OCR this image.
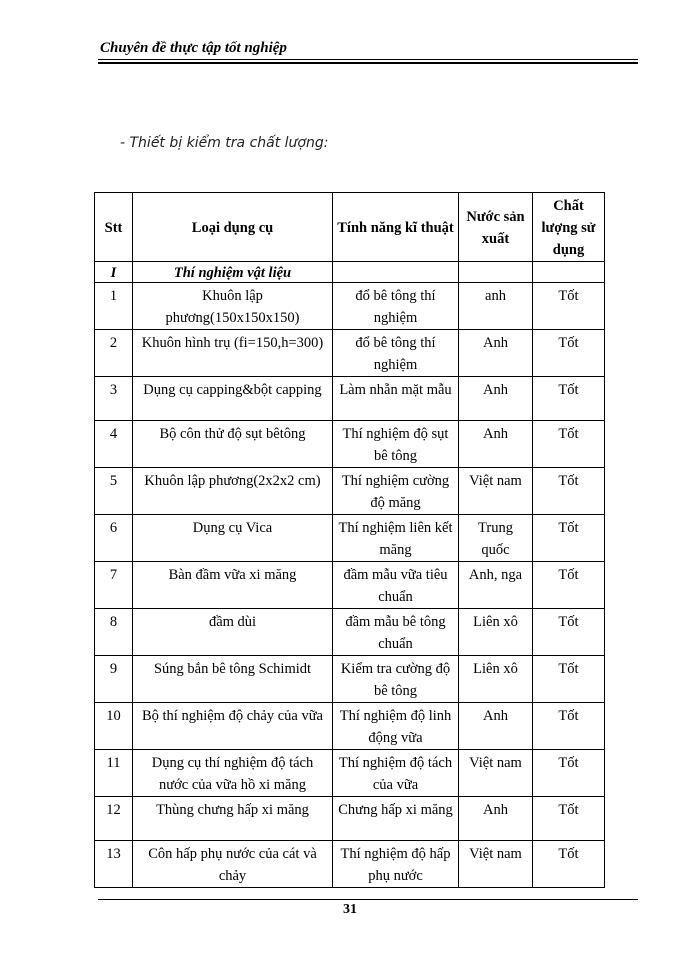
Chuyên đề thực tập tốt nghiệp
- Thiết bị kiểm tra chất lượng:
Stt	Loại dụng cụ	Tính năng kĩ thuật	Nước sản xuất	Chất lượng sử dụng
I	Thí nghiệm vật liệu			
1	Khuôn lập phương(150x150x150)	đổ bê tông thí nghiệm	anh	Tốt
2	Khuôn hình trụ (fi=150,h=300)	đổ bê tông thí nghiệm	Anh	Tốt
3	Dụng cụ capping&bột capping	Làm nhẵn mặt mẫu	Anh	Tốt
4	Bộ côn thử độ sụt bêtông	Thí nghiệm độ sụt bê tông	Anh	Tốt
5	Khuôn lập phương(2x2x2 cm)	Thí nghiệm cường độ măng	Việt nam	Tốt
6	Dụng cụ Vica	Thí nghiệm liên kết măng	Trung quốc	Tốt
7	Bàn đầm vữa xi măng	đầm mẫu vữa tiêu chuẩn	Anh, nga	Tốt
8	đầm dùi	đầm mẫu bê tông chuẩn	Liên xô	Tốt
9	Súng bắn bê tông Schimidt	Kiểm tra cường độ bê tông	Liên xô	Tốt
10	Bộ thí nghiệm độ chảy của vữa	Thí nghiệm độ linh động vữa	Anh	Tốt
11	Dụng cụ thí nghiệm độ tách nước của vữa hồ xi măng	Thí nghiệm độ tách của vữa	Việt nam	Tốt
12	Thùng chưng hấp xi măng	Chưng hấp xi măng	Anh	Tốt
13	Côn hấp phụ nước của cát và chảy	Thí nghiệm độ hấp phụ nước	Việt nam	Tốt
31
